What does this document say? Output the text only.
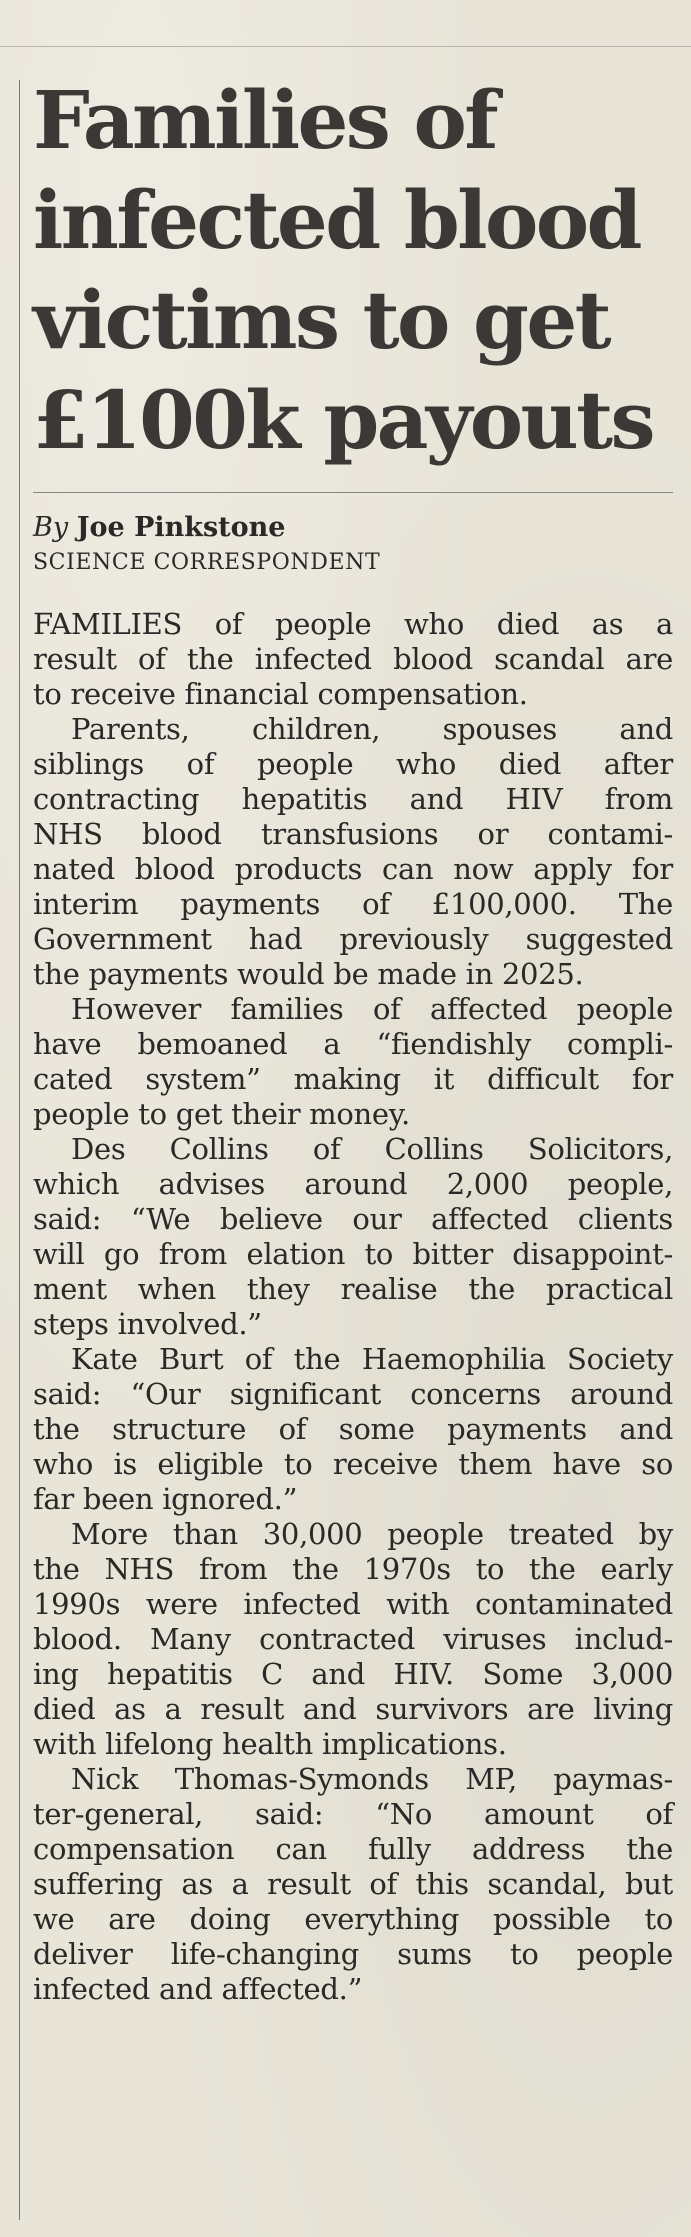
Families of
infected blood
victims to get
£100k payouts
By Joe Pinkstone
SCIENCE CORRESPONDENT
FAMILIES of people who died as a
result of the infected blood scandal are
to receive financial compensation.
Parents, children, spouses and
siblings of people who died after
contracting hepatitis and HIV from
NHS blood transfusions or contami-
nated blood products can now apply for
interim payments of £100,000. The
Government had previously suggested
the payments would be made in 2025.
However families of affected people
have bemoaned a “fiendishly compli-
cated system” making it difficult for
people to get their money.
Des Collins of Collins Solicitors,
which advises around 2,000 people,
said: “We believe our affected clients
will go from elation to bitter disappoint-
ment when they realise the practical
steps involved.”
Kate Burt of the Haemophilia Society
said: “Our significant concerns around
the structure of some payments and
who is eligible to receive them have so
far been ignored.”
More than 30,000 people treated by
the NHS from the 1970s to the early
1990s were infected with contaminated
blood. Many contracted viruses includ-
ing hepatitis C and HIV. Some 3,000
died as a result and survivors are living
with lifelong health implications.
Nick Thomas-Symonds MP, paymas-
ter-general, said: “No amount of
compensation can fully address the
suffering as a result of this scandal, but
we are doing everything possible to
deliver life-changing sums to people
infected and affected.”
